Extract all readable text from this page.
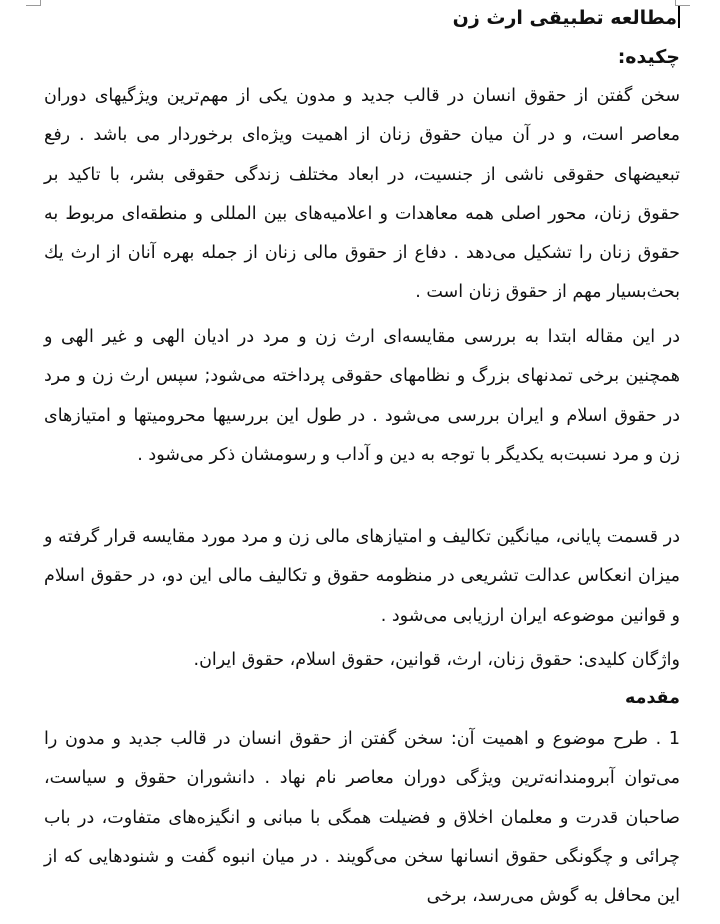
مطالعه تطبیقی ارث زن
چکیده:

سخن گفتن از حقوق انسان در قالب جدید و مدون یکی از مهم‌ترین ویژگیهای دوران معاصر است، و در آن میان حقوق زنان از اهمیت ویژه‌ای برخوردار می باشد . رفع تبعیضهای حقوقی ناشی از جنسیت، در ابعاد مختلف زندگی حقوقی بشر، با تاکید بر حقوق زنان، محور اصلی همه معاهدات و اعلامیه‌های بین المللی و منطقه‌ای مربوط به حقوق زنان را تشکیل می‌دهد . دفاع از حقوق مالی زنان از جمله بهره آنان از ارث یك بحث‌بسیار مهم از حقوق زنان است .

در این مقاله ابتدا به بررسی مقایسه‌ای ارث زن و مرد در ادیان الهی و غیر الهی و همچنین برخی تمدنهای بزرگ و نظامهای حقوقی پرداخته می‌شود; سپس ارث زن و مرد در حقوق اسلام و ایران بررسی می‌شود . در طول این بررسیها محرومیتها و امتیازهای زن و مرد نسبت‌به یکدیگر با توجه به دین و آداب و رسومشان ذکر می‌شود .

در قسمت پایانی، میانگین تکالیف و امتیازهای مالی زن و مرد مورد مقایسه قرار گرفته و میزان انعکاس عدالت تشریعی در منظومه حقوق و تکالیف مالی این دو، در حقوق اسلام و قوانین موضوعه ایران ارزیابی می‌شود .

واژگان کلیدی: حقوق زنان، ارث، قوانین، حقوق اسلام، حقوق ایران.

مقدمه

1 . طرح موضوع و اهمیت آن: سخن گفتن از حقوق انسان در قالب جدید و مدون را می‌توان آبرومندانه‌ترین ویژگی دوران معاصر نام نهاد . دانشوران حقوق و سیاست، صاحبان قدرت و معلمان اخلاق و فضیلت همگی با مبانی و انگیزه‌های متفاوت، در باب چرائی و چگونگی حقوق انسانها سخن می‌گویند . در میان انبوه گفت و شنودهایی که از این محافل به گوش می‌رسد، برخی
